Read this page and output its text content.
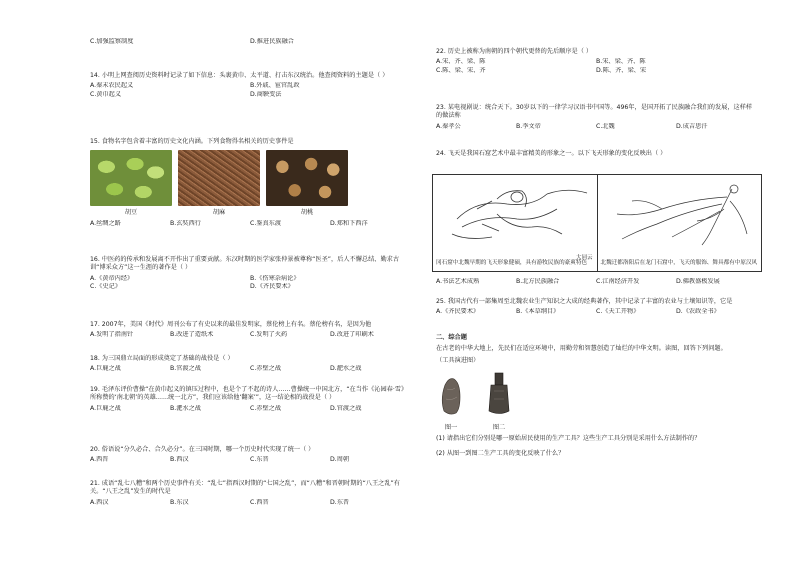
C.加强监察制度	D.推进民族融合
14. 小明上网查阅历史资料时记录了如下信息：头裹黄巾、太平道、打击东汉统治。他查阅资料的主题是（ ）
A.秦末农民起义	B.外戚、宦官乱政
C.黄巾起义	D.商鞅变法
15. 食物名字包含着丰富的历史文化内涵。下列食物得名相关的历史事件是
胡豆	胡麻	胡桃
A.丝绸之路	B.玄奘西行	C.鉴真东渡	D.郑和下西洋
16. 中医药的传承和发展离不开作出了重要贡献。东汉时期的医学家张仲景被尊称“医圣”，后人不懈总结、勤求古训“博采众方”这一生涯的著作是（ ）
A.《黄帝内经》	B.《伤寒杂病论》
C.《史记》	D.《齐民要术》
17. 2007年，美国《时代》周刊公布了有史以来的最佳发明家，蔡伦榜上有名。蔡伦榜有名，是因为他
A.发明了指南针	B.改进了造纸术	C.发明了火药	D.改进了印刷术
18. 为三国鼎立局面的形成奠定了基础的战役是（ ）
A.巨鹿之战	B.官渡之战	C.赤壁之战	D.淝水之战
19. 毛泽东评价曹操“在黄巾起义的镇压过程中，也是个了不起的诗人……曹操统一中国北方，“在当作《沁园春·雪》所称赞的‘南北朝’的英雄……统一北方”，我们应该给他‘翻案’”，这一结论相的战役是（ ）
A.巨鹿之战	B.淝水之战	C.赤壁之战	D.官渡之战
20. 俗语说“分久必合、合久必分”。在三国时期，哪一个历史时代实现了统一（ ）
A.西晋	B.西汉	C.东晋	D.周朝
21. 成语“乱七八糟”和两个历史事件有关：“乱七”指西汉时期的“七国之乱”，而“八糟”和晋朝时期的“八王之乱”有关。“八王之乱”发生的时代是
A.西汉	B.东汉	C.西晋	D.东晋
22. 历史上被称为南朝的四个朝代更替的先后顺序是（ ）
A.宋、齐、梁、陈	B.宋、梁、齐、陈
C.陈、梁、宋、齐	D.陈、齐、梁、宋
23. 某电视剧说：统合天下。30岁以下的一律学习汉语书中国等。496年，是国开拓了民族融合我们的发展，这样样的做法称
A.秦孝公	B.李文帝	C.北魏	D.成吉思汗
24. 飞天是我国石窟艺术中最丰富精美的形象之一。以下飞天形象的变化反映出（ ）
大同云
冈石窟中北魏早期的飞天形象健硕，具有游牧民族的豪爽特色	北魏迁都洛阳后在龙门石窟中，飞天的服饰、舞具都有中原汉风
A.书法艺术成熟	B.北方民族融合	C.江南经济开发	D.佛教盛极发展
25. 我国古代有一部集周至北魏农业生产知识之大成的经典著作，其中记录了丰富的农业与土壤知识等，它是
A.《齐民要术》	B.《本草纲目》	C.《天工开物》	D.《农政全书》
二、综合题
在古老的中华大地上，先民们在适应环境中，用勤劳和智慧创造了灿烂的中华文明。读图，回答下列问题。
（工具演进图）
图一	图二
(1) 请指出它们分别是哪一原始居民使用的生产工具？这些生产工具分别是采用什么方法制作的？
(2) 从图一到图二生产工具的变化反映了什么？
